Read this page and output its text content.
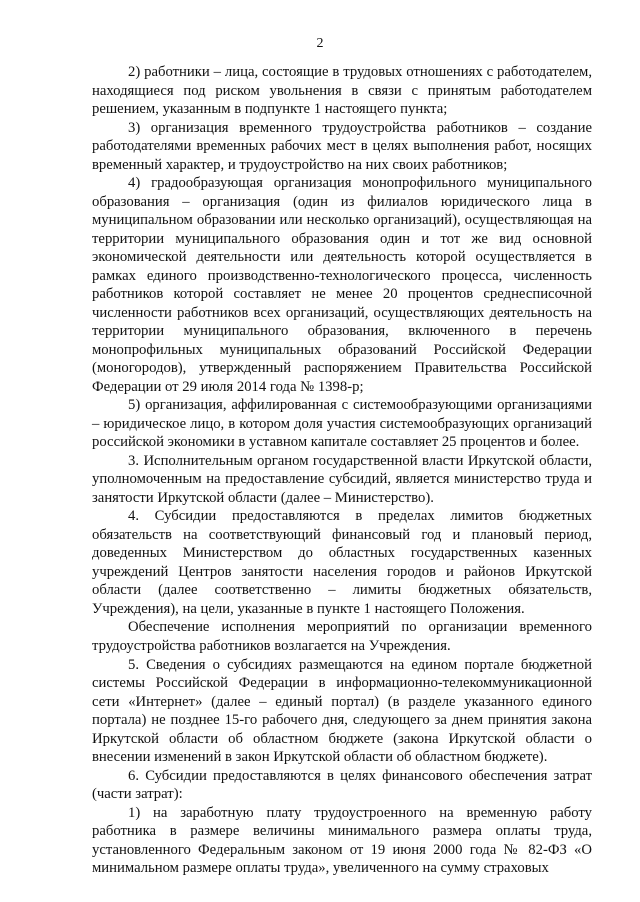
2

2) работники – лица, состоящие в трудовых отношениях с работодателем, находящиеся под риском увольнения в связи с принятым работодателем решением, указанным в подпункте 1 настоящего пункта;

3) организация временного трудоустройства работников – создание работодателями временных рабочих мест в целях выполнения работ, носящих временный характер, и трудоустройство на них своих работников;

4) градообразующая организация монопрофильного муниципального образования – организация (один из филиалов юридического лица в муниципальном образовании или несколько организаций), осуществляющая на территории муниципального образования один и тот же вид основной экономической деятельности или деятельность которой осуществляется в рамках единого производственно-технологического процесса, численность работников которой составляет не менее 20 процентов среднесписочной численности работников всех организаций, осуществляющих деятельность на территории муниципального образования, включенного в перечень монопрофильных муниципальных образований Российской Федерации (моногородов), утвержденный распоряжением Правительства Российской Федерации от 29 июля 2014 года № 1398-р;

5) организация, аффилированная с системообразующими организациями – юридическое лицо, в котором доля участия системообразующих организаций российской экономики в уставном капитале составляет 25 процентов и более.

3. Исполнительным органом государственной власти Иркутской области, уполномоченным на предоставление субсидий, является министерство труда и занятости Иркутской области (далее – Министерство).

4. Субсидии предоставляются в пределах лимитов бюджетных обязательств на соответствующий финансовый год и плановый период, доведенных Министерством до областных государственных казенных учреждений Центров занятости населения городов и районов Иркутской области (далее соответственно – лимиты бюджетных обязательств, Учреждения), на цели, указанные в пункте 1 настоящего Положения.

Обеспечение исполнения мероприятий по организации временного трудоустройства работников возлагается на Учреждения.

5. Сведения о субсидиях размещаются на едином портале бюджетной системы Российской Федерации в информационно-телекоммуникационной сети «Интернет» (далее – единый портал) (в разделе указанного единого портала) не позднее 15-го рабочего дня, следующего за днем принятия закона Иркутской области об областном бюджете (закона Иркутской области о внесении изменений в закон Иркутской области об областном бюджете).

6. Субсидии предоставляются в целях финансового обеспечения затрат (части затрат):

1) на заработную плату трудоустроенного на временную работу работника в размере величины минимального размера оплаты труда, установленного Федеральным законом от 19 июня 2000 года № 82-ФЗ «О минимальном размере оплаты труда», увеличенного на сумму страховых
